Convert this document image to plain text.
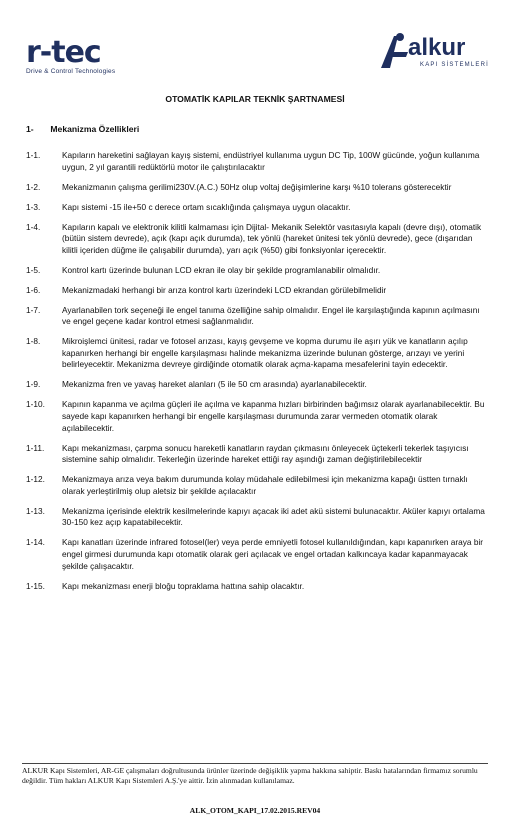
r-tec
Drive & Control Technologies
alkur
KAPI SİSTEMLERİ
OTOMATİK KAPILAR TEKNİK ŞARTNAMESİ
1- Mekanizma Özellikleri
1-1.	Kapıların hareketini sağlayan kayış sistemi, endüstriyel kullanıma uygun DC Tip, 100W gücünde, yoğun kullanıma uygun, 2 yıl garantili redüktörlü motor ile çalıştırılacaktır
1-2.	Mekanizmanın çalışma gerilimi230V.(A.C.) 50Hz olup voltaj değişimlerine karşı %10 tolerans gösterecektir
1-3.	Kapı sistemi -15 ile+50 c derece ortam sıcaklığında çalışmaya uygun olacaktır.
1-4.	Kapıların kapalı ve elektronik kilitli kalmaması için Dijital- Mekanik Selektör vasıtasıyla kapalı (devre dışı), otomatik (bütün sistem devrede), açık (kapı açık durumda), tek yönlü (hareket ünitesi tek yönlü devrede), gece (dışarıdan kilitli içeriden düğme ile çalışabilir durumda), yarı açık (%50) gibi fonksiyonlar içerecektir.
1-5.	Kontrol kartı üzerinde bulunan LCD ekran ile olay bir şekilde programlanabilir olmalıdır.
1-6.	Mekanizmadaki herhangi bir arıza kontrol kartı üzerindeki LCD ekrandan görülebilmelidir
1-7.	Ayarlanabilen tork seçeneği ile engel tanıma özelliğine sahip olmalıdır. Engel ile karşılaştığında kapının açılmasını ve engel geçene kadar kontrol etmesi sağlanmalıdır.
1-8.	Mikroişlemci ünitesi, radar ve fotosel arızası, kayış gevşeme ve kopma durumu ile aşırı yük ve kanatların açılıp kapanırken herhangi bir engelle karşılaşması halinde mekanizma üzerinde bulunan gösterge, arızayı ve yerini belirleyecektir. Mekanizma devreye girdiğinde otomatik olarak açma-kapama mesafelerini tayin edecektir.
1-9.	Mekanizma fren ve yavaş hareket alanları (5 ile 50 cm arasında) ayarlanabilecektir.
1-10.	Kapının kapanma ve açılma güçleri ile açılma ve kapanma hızları birbirinden bağımsız olarak ayarlanabilecektir. Bu sayede kapı kapanırken herhangi bir engelle karşılaşması durumunda zarar vermeden otomatik olarak açılabilecektir.
1-11.	Kapı mekanizması, çarpma sonucu hareketli kanatların raydan çıkmasını önleyecek üçtekerli tekerlek taşıyıcısı sistemine sahip olmalıdır. Tekerleğin üzerinde hareket ettiği ray aşındığı zaman değiştirilebilecektir
1-12.	Mekanizmaya arıza veya bakım durumunda kolay müdahale edilebilmesi için mekanizma kapağı üstten tırnaklı olarak yerleştirilmiş olup aletsiz bir şekilde açılacaktır
1-13.	Mekanizma içerisinde elektrik kesilmelerinde kapıyı açacak iki adet akü sistemi bulunacaktır. Aküler kapıyı ortalama 30-150 kez açıp kapatabilecektir.
1-14.	Kapı kanatları üzerinde infrared fotosel(ler) veya perde emniyetli fotosel kullanıldığından, kapı kapanırken araya bir engel girmesi durumunda kapı otomatik olarak geri açılacak ve engel ortadan kalkıncaya kadar kapanmayacak şekilde çalışacaktır.
1-15.	Kapı mekanizması enerji bloğu topraklama hattına sahip olacaktır.
ALKUR Kapı Sistemleri, AR-GE çalışmaları doğrultusunda ürünler üzerinde değişiklik yapma hakkına sahiptir. Baskı hatalarından firmamız sorumlu değildir. Tüm hakları ALKUR Kapı Sistemleri A.Ş.'ye aittir. İzin alınmadan kullanılamaz.
ALK_OTOM_KAPI_17.02.2015.REV04
